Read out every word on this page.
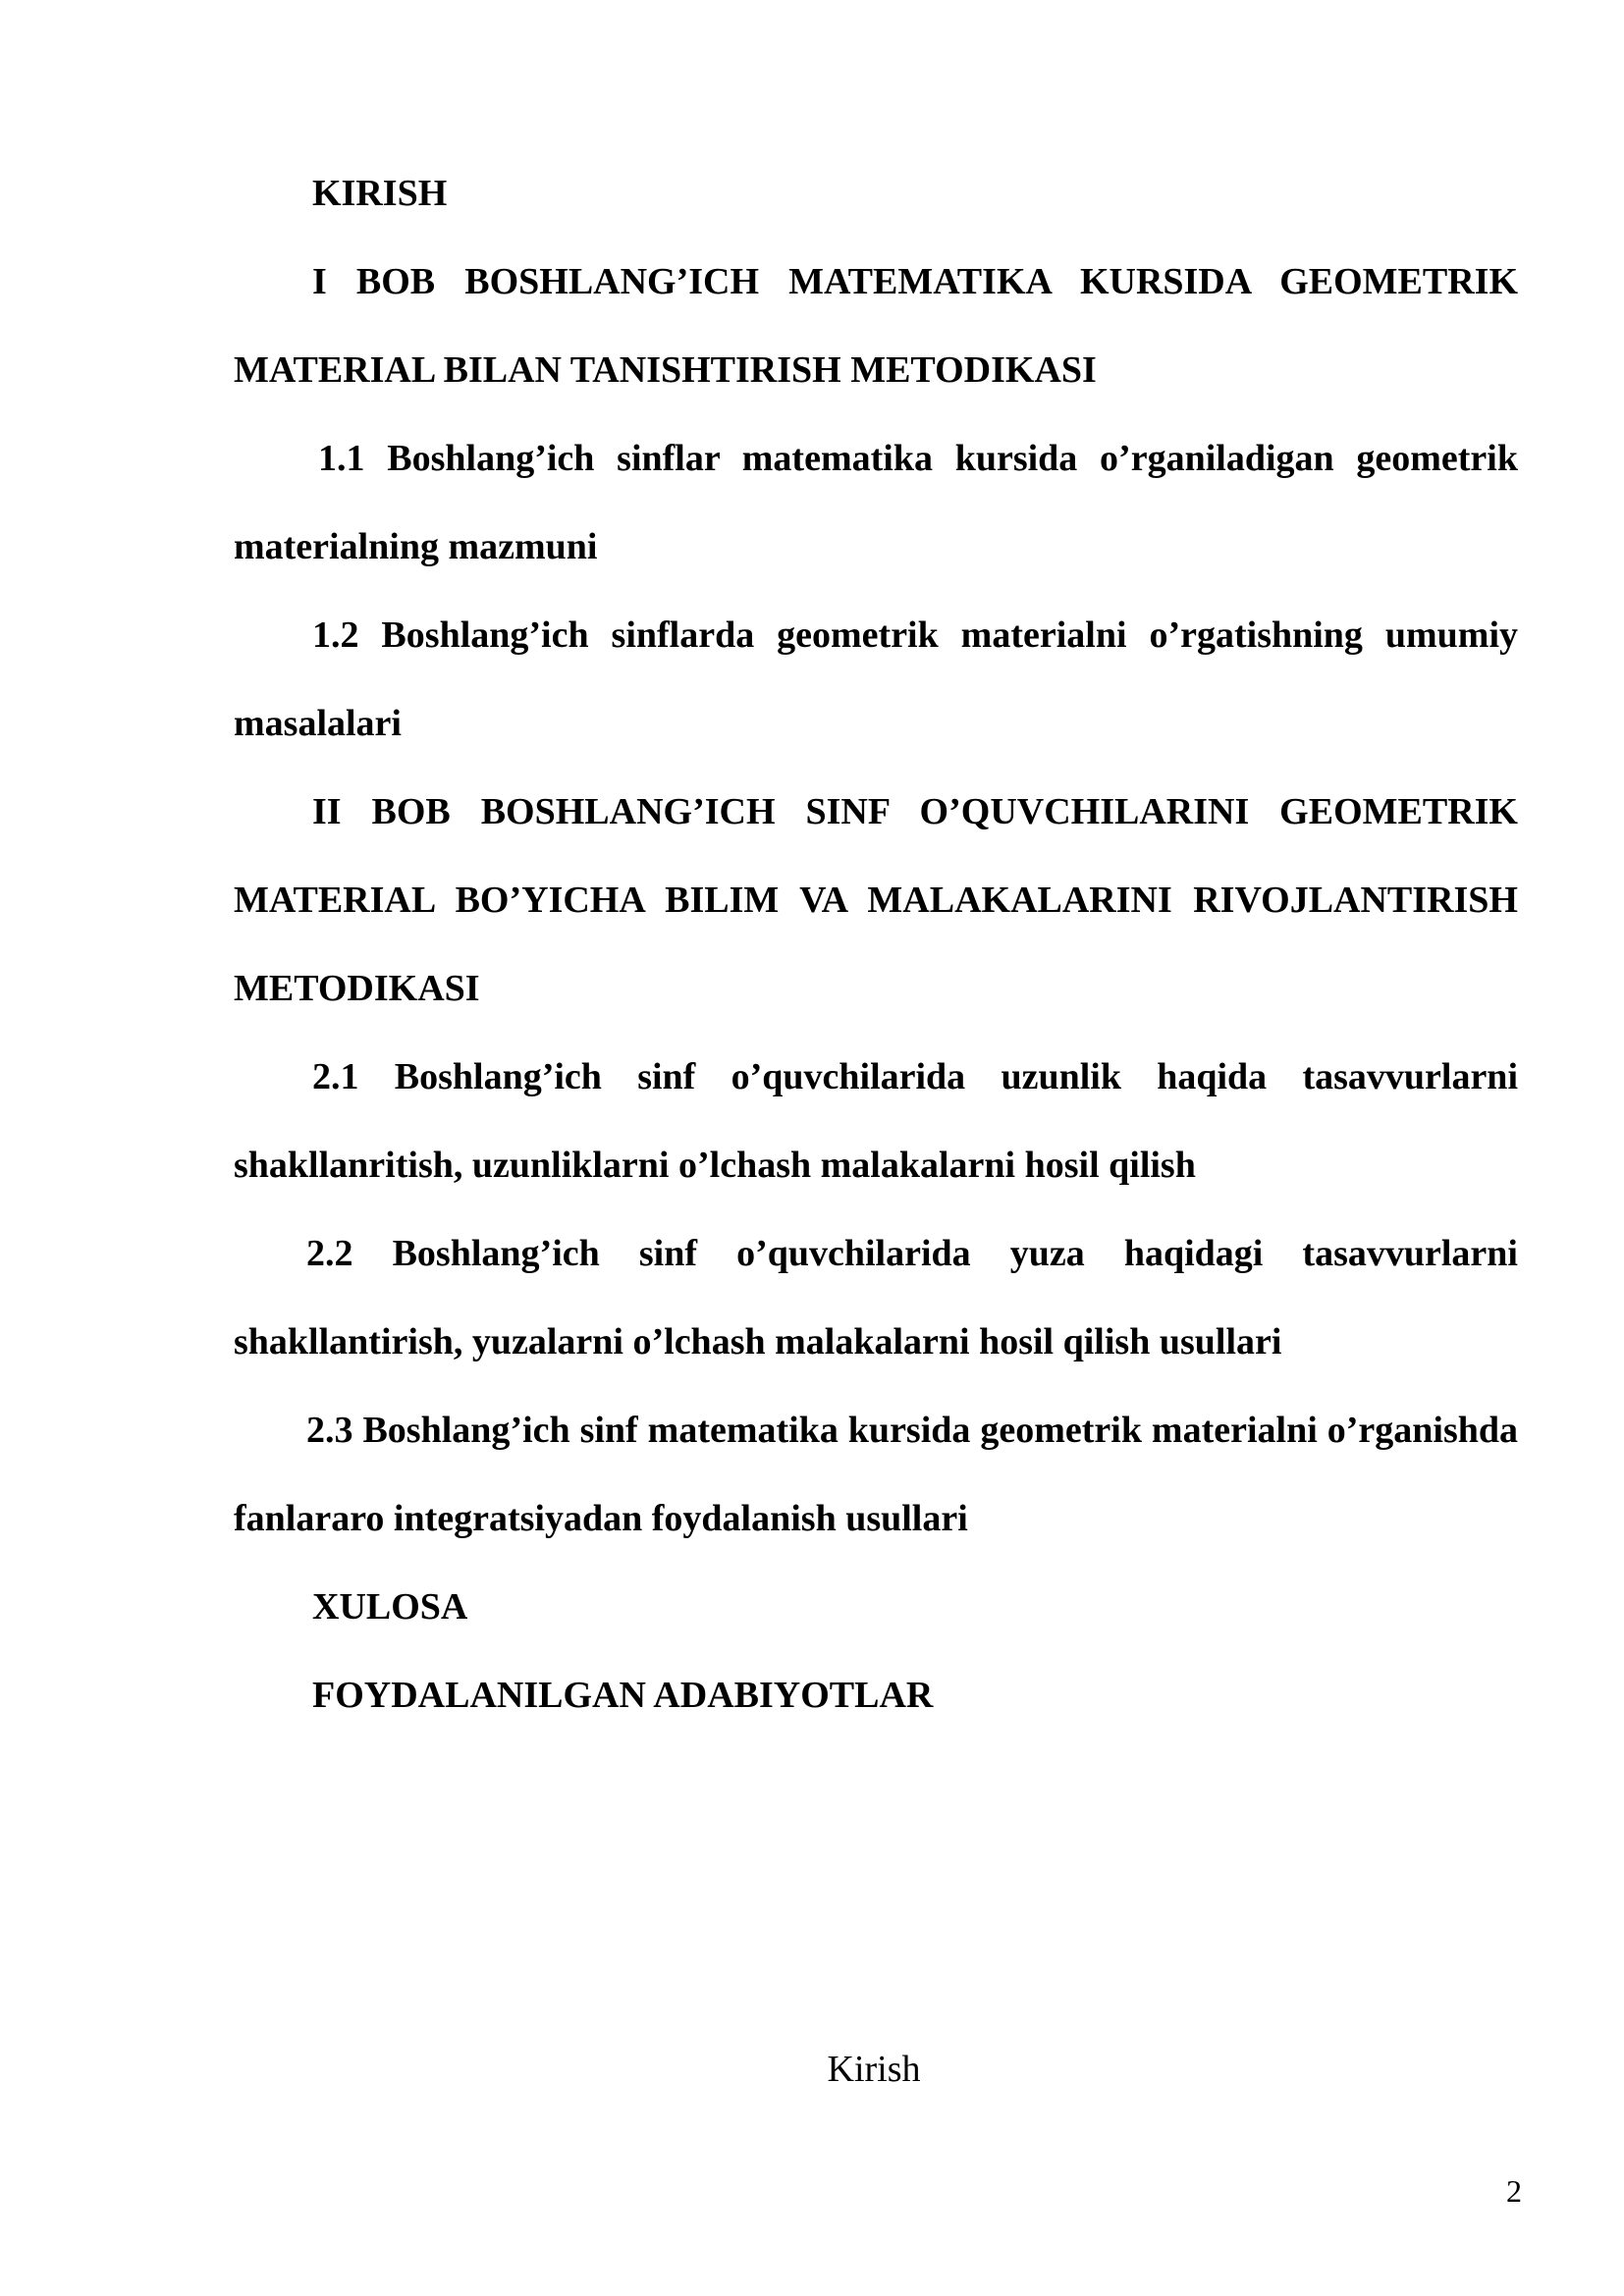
KIRISH

I BOB BOSHLANG’ICH MATEMATIKA KURSIDA GEOMETRIK MATERIAL BILAN TANISHTIRISH METODIKASI

1.1 Boshlang’ich sinflar matematika kursida o’rganiladigan geometrik materialning mazmuni

1.2 Boshlang’ich sinflarda geometrik materialni o’rgatishning umumiy masalalari

II BOB BOSHLANG’ICH SINF O’QUVCHILARINI GEOMETRIK MATERIAL BO’YICHA BILIM VA MALAKALARINI RIVOJLANTIRISH METODIKASI

2.1 Boshlang’ich sinf o’quvchilarida uzunlik haqida tasavvurlarni shakllanritish, uzunliklarni o’lchash malakalarni hosil qilish

2.2 Boshlang’ich sinf o’quvchilarida yuza haqidagi tasavvurlarni shakllantirish, yuzalarni o’lchash malakalarni hosil qilish usullari

2.3 Boshlang’ich sinf matematika kursida geometrik materialni o’rganishda fanlararo integratsiyadan foydalanish usullari

XULOSA

FOYDALANILGAN ADABIYOTLAR

Kirish
2
